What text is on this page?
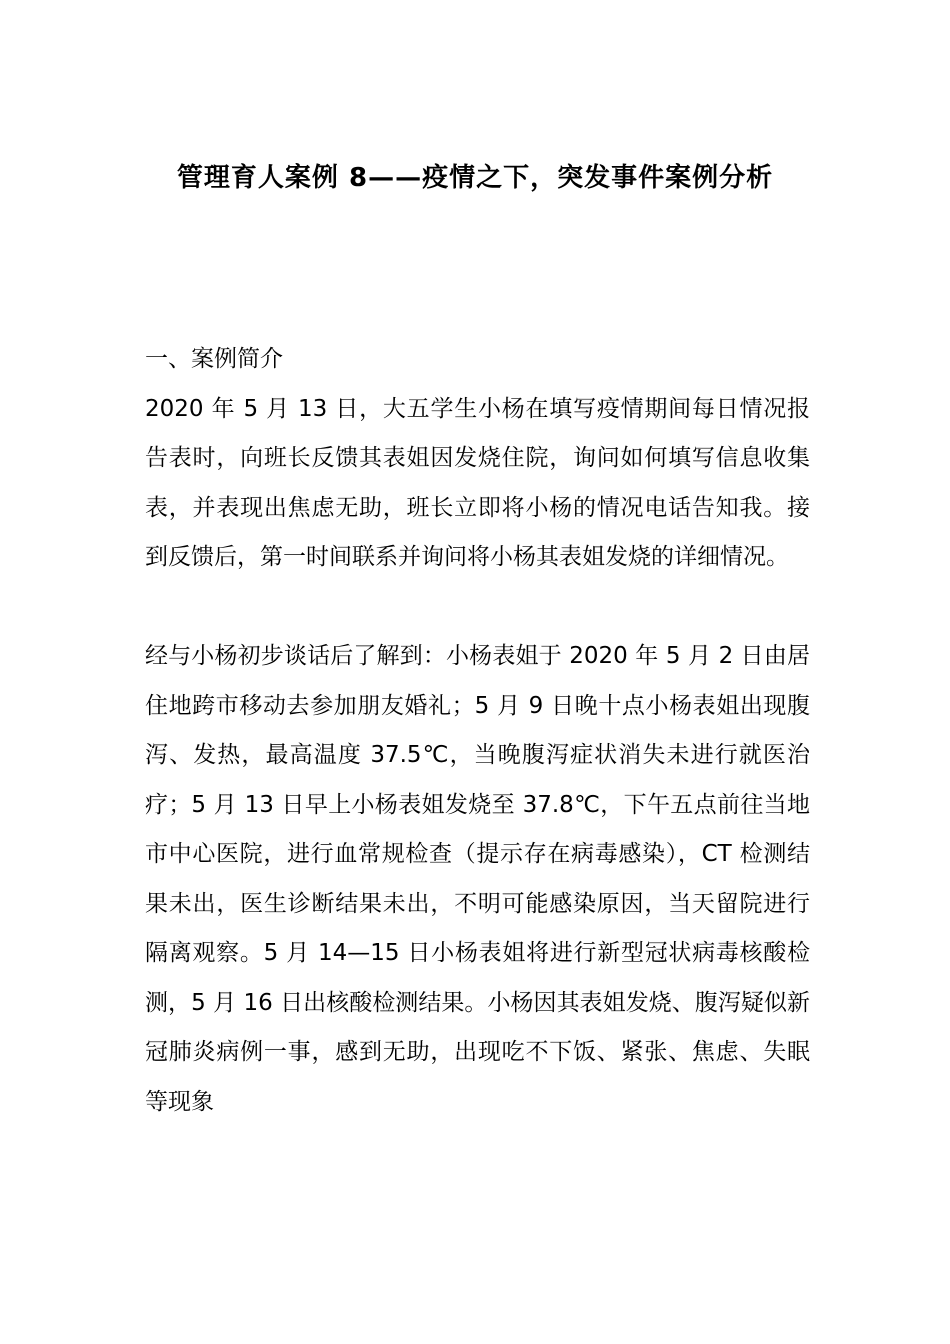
管理育人案例 8——疫情之下，突发事件案例分析

一、案例简介

2020 年 5 月 13 日，大五学生小杨在填写疫情期间每日情况报告表时，向班长反馈其表姐因发烧住院，询问如何填写信息收集表，并表现出焦虑无助，班长立即将小杨的情况电话告知我。接到反馈后，第一时间联系并询问将小杨其表姐发烧的详细情况。

经与小杨初步谈话后了解到：小杨表姐于 2020 年 5 月 2 日由居住地跨市移动去参加朋友婚礼；5 月 9 日晚十点小杨表姐出现腹泻、发热，最高温度 37.5℃，当晚腹泻症状消失未进行就医治疗；5 月 13 日早上小杨表姐发烧至 37.8℃，下午五点前往当地市中心医院，进行血常规检查（提示存在病毒感染），CT 检测结果未出，医生诊断结果未出，不明可能感染原因，当天留院进行隔离观察。5 月 14—15 日小杨表姐将进行新型冠状病毒核酸检测，5 月 16 日出核酸检测结果。小杨因其表姐发烧、腹泻疑似新冠肺炎病例一事，感到无助，出现吃不下饭、紧张、焦虑、失眠等现象
